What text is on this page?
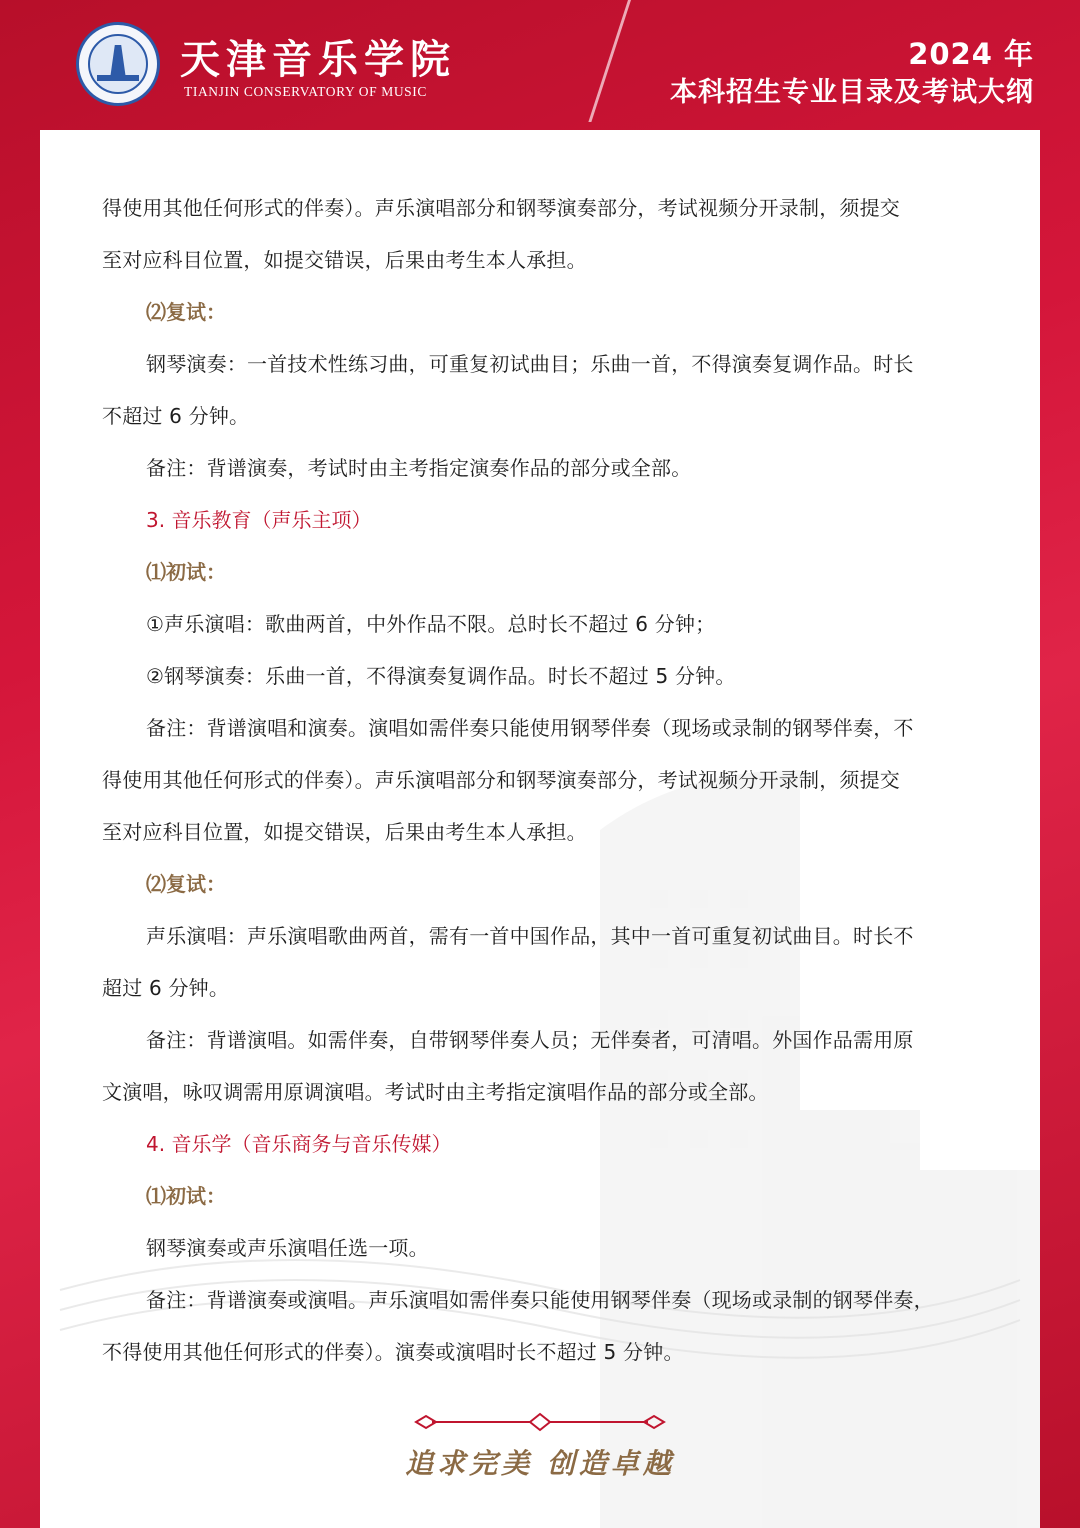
天津音乐学院
TIANJIN CONSERVATORY OF MUSIC
2024 年
本科招生专业目录及考试大纲
得使用其他任何形式的伴奏）。声乐演唱部分和钢琴演奏部分，考试视频分开录制，须提交
至对应科目位置，如提交错误，后果由考生本人承担。
⑵复试：
钢琴演奏：一首技术性练习曲，可重复初试曲目；乐曲一首，不得演奏复调作品。时长
不超过 6 分钟。
备注：背谱演奏，考试时由主考指定演奏作品的部分或全部。
3. 音乐教育（声乐主项）
⑴初试：
①声乐演唱：歌曲两首，中外作品不限。总时长不超过 6 分钟；
②钢琴演奏：乐曲一首，不得演奏复调作品。时长不超过 5 分钟。
备注：背谱演唱和演奏。演唱如需伴奏只能使用钢琴伴奏（现场或录制的钢琴伴奏，不
得使用其他任何形式的伴奏）。声乐演唱部分和钢琴演奏部分，考试视频分开录制，须提交
至对应科目位置，如提交错误，后果由考生本人承担。
⑵复试：
声乐演唱：声乐演唱歌曲两首，需有一首中国作品，其中一首可重复初试曲目。时长不
超过 6 分钟。
备注：背谱演唱。如需伴奏，自带钢琴伴奏人员；无伴奏者，可清唱。外国作品需用原
文演唱，咏叹调需用原调演唱。考试时由主考指定演唱作品的部分或全部。
4. 音乐学（音乐商务与音乐传媒）
⑴初试：
钢琴演奏或声乐演唱任选一项。
备注：背谱演奏或演唱。声乐演唱如需伴奏只能使用钢琴伴奏（现场或录制的钢琴伴奏，
不得使用其他任何形式的伴奏）。演奏或演唱时长不超过 5 分钟。
追求完美 创造卓越
